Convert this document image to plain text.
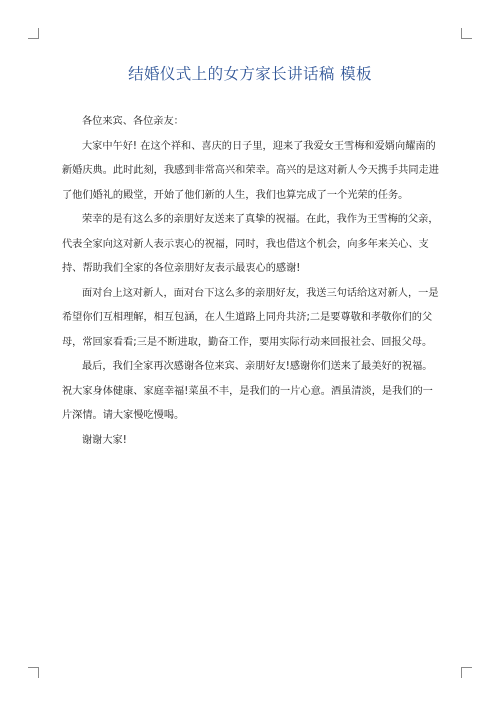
结婚仪式上的女方家长讲话稿 模板

各位来宾、各位亲友：

大家中午好! 在这个祥和、喜庆的日子里，迎来了我爱女王雪梅和爱婿向耀南的新婚庆典。此时此刻，我感到非常高兴和荣幸。高兴的是这对新人今天携手共同走进了他们婚礼的殿堂，开始了他们新的人生，我们也算完成了一个光荣的任务。

荣幸的是有这么多的亲朋好友送来了真挚的祝福。在此，我作为王雪梅的父亲，代表全家向这对新人表示衷心的祝福，同时，我也借这个机会，向多年来关心、支持、帮助我们全家的各位亲朋好友表示最衷心的感谢!

面对台上这对新人，面对台下这么多的亲朋好友，我送三句话给这对新人，一是希望你们互相理解，相互包涵，在人生道路上同舟共济;二是要尊敬和孝敬你们的父母，常回家看看;三是不断进取，勤奋工作，要用实际行动来回报社会、回报父母。

最后，我们全家再次感谢各位来宾、亲朋好友!感谢你们送来了最美好的祝福。祝大家身体健康、家庭幸福!菜虽不丰，是我们的一片心意。酒虽清淡，是我们的一片深情。请大家慢吃慢喝。

谢谢大家!
